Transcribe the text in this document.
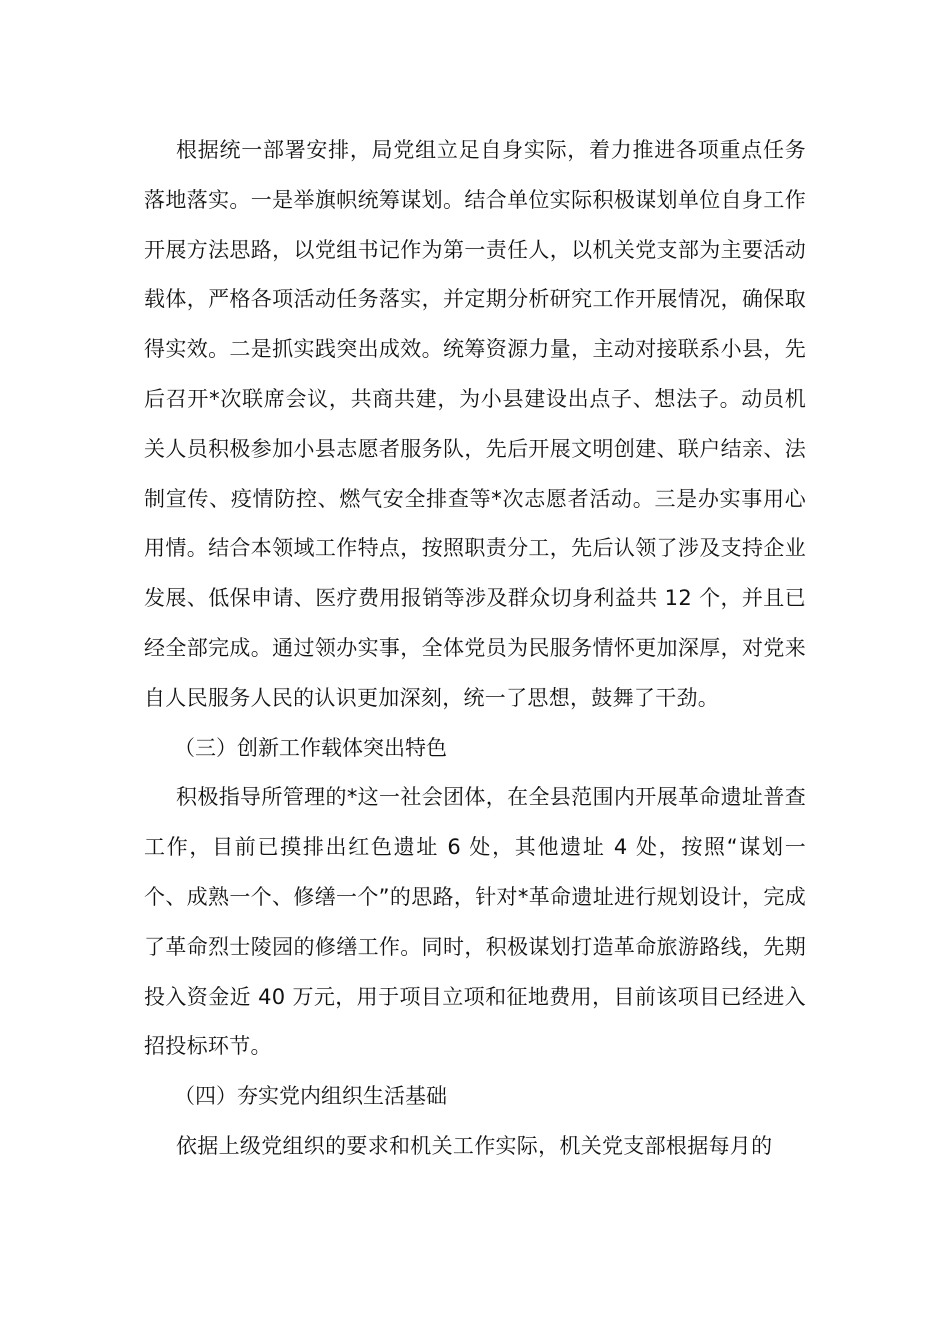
根据统一部署安排，局党组立足自身实际，着力推进各项重点任务落地落实。一是举旗帜统筹谋划。结合单位实际积极谋划单位自身工作开展方法思路，以党组书记作为第一责任人，以机关党支部为主要活动载体，严格各项活动任务落实，并定期分析研究工作开展情况，确保取得实效。二是抓实践突出成效。统筹资源力量，主动对接联系小县，先后召开*次联席会议，共商共建，为小县建设出点子、想法子。动员机关人员积极参加小县志愿者服务队，先后开展文明创建、联户结亲、法制宣传、疫情防控、燃气安全排查等*次志愿者活动。三是办实事用心用情。结合本领域工作特点，按照职责分工，先后认领了涉及支持企业发展、低保申请、医疗费用报销等涉及群众切身利益共 12 个，并且已经全部完成。通过领办实事，全体党员为民服务情怀更加深厚，对党来自人民服务人民的认识更加深刻，统一了思想，鼓舞了干劲。

（三）创新工作载体突出特色

积极指导所管理的*这一社会团体，在全县范围内开展革命遗址普查工作，目前已摸排出红色遗址 6 处，其他遗址 4 处，按照“谋划一个、成熟一个、修缮一个”的思路，针对*革命遗址进行规划设计，完成了革命烈士陵园的修缮工作。同时，积极谋划打造革命旅游路线，先期投入资金近 40 万元，用于项目立项和征地费用，目前该项目已经进入招投标环节。

（四）夯实党内组织生活基础

依据上级党组织的要求和机关工作实际，机关党支部根据每月的
